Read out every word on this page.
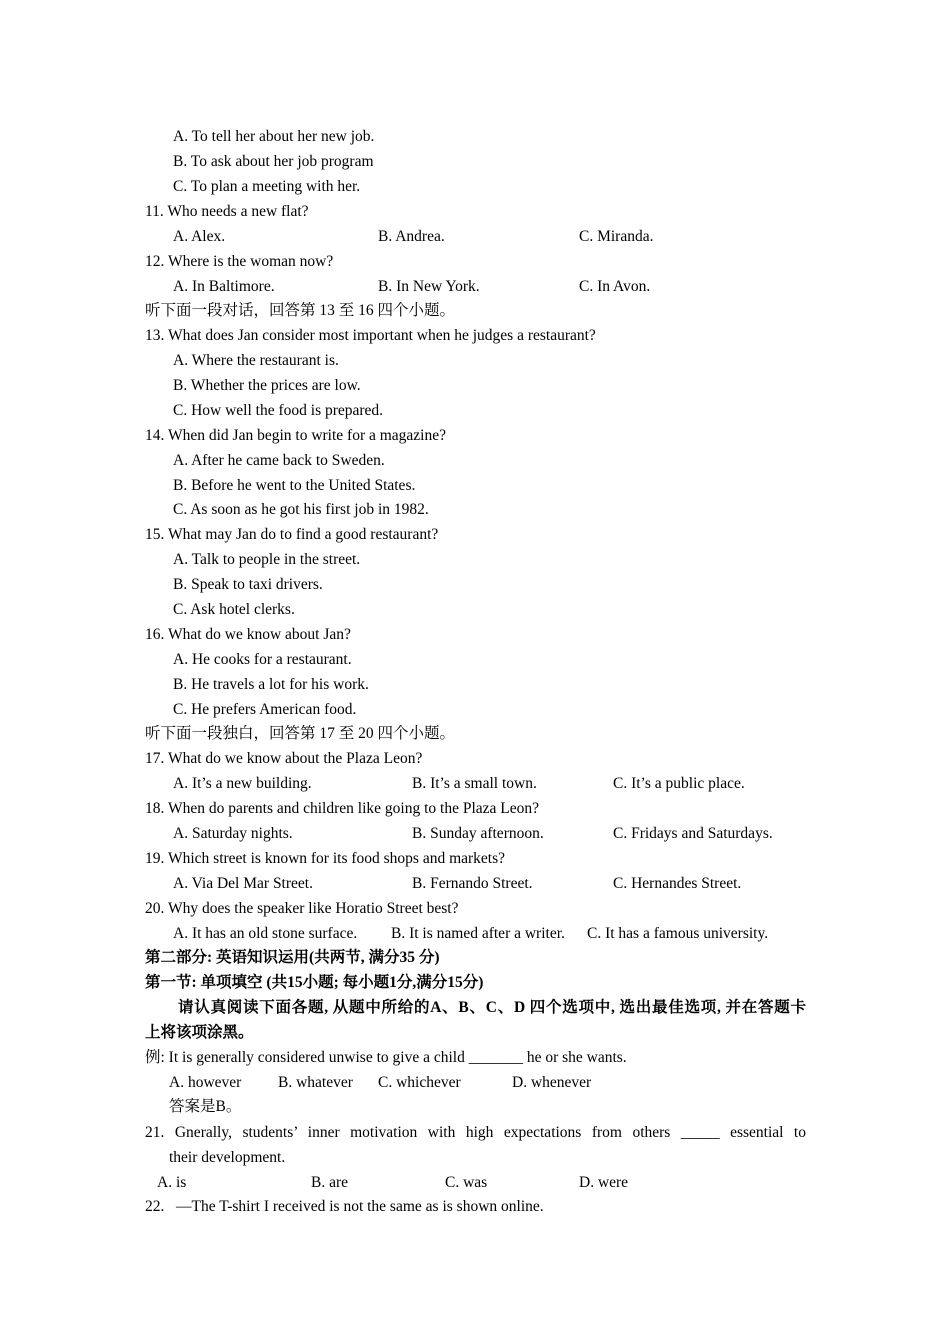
A. To tell her about her new job.
B. To ask about her job program
C. To plan a meeting with her.
11. Who needs a new flat?
A. Alex.	B. Andrea.	C. Miranda.
12. Where is the woman now?
A. In Baltimore.	B. In New York.	C. In Avon.
听下面一段对话，回答第 13 至 16 四个小题。
13. What does Jan consider most important when he judges a restaurant?
A. Where the restaurant is.
B. Whether the prices are low.
C. How well the food is prepared.
14. When did Jan begin to write for a magazine?
A. After he came back to Sweden.
B. Before he went to the United States.
C. As soon as he got his first job in 1982.
15. What may Jan do to find a good restaurant?
A. Talk to people in the street.
B. Speak to taxi drivers.
C. Ask hotel clerks.
16. What do we know about Jan?
A. He cooks for a restaurant.
B. He travels a lot for his work.
C. He prefers American food.
听下面一段独白，回答第 17 至 20 四个小题。
17. What do we know about the Plaza Leon?
A. It’s a new building.	B. It’s a small town.	C. It’s a public place.
18. When do parents and children like going to the Plaza Leon?
A. Saturday nights.	B. Sunday afternoon.	C. Fridays and Saturdays.
19. Which street is known for its food shops and markets?
A. Via Del Mar Street.	B. Fernando Street.	C. Hernandes Street.
20. Why does the speaker like Horatio Street best?
A. It has an old stone surface. B. It is named after a writer. C. It has a famous university.
第二部分: 英语知识运用(共两节, 满分35 分)
第一节: 单项填空 (共15小题; 每小题1分,满分15分)
请认真阅读下面各题, 从题中所给的A、B、C、D 四个选项中, 选出最佳选项, 并在答题卡
上将该项涂黑。
例: It is generally considered unwise to give a child _______ he or she wants.
A. however B. whatever C. whichever	D. whenever
答案是B。
21. Gnerally, students’ inner motivation with high expectations from others _____ essential to
their development.
A. is	B. are	C. was	D. were
22.   —The T-shirt I received is not the same as is shown online.
